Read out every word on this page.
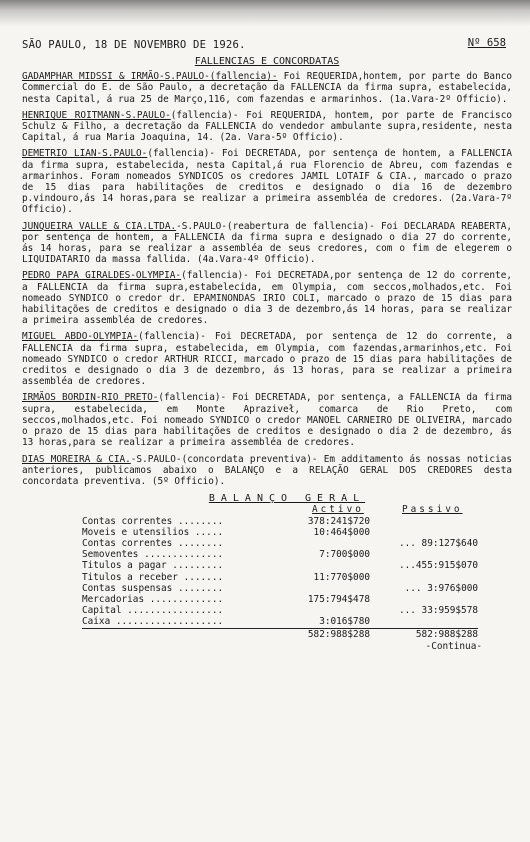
SÃO PAULO, 18 DE NOVEMBRO DE 1926.	Nº 658
FALLENCIAS E CONCORDATAS
GADAMPHAR MIDSSI & IRMÃO-S.PAULO-(fallencia)- Foi REQUERIDA,hontem, por parte do Banco Commercial do E. de São Paulo, a decretação da FALLENCIA da firma supra, estabelecida, nesta Capital, á rua 25 de Março,116, com fazendas e armarinhos. (1a.Vara-2º Officio).
HENRIQUE ROITMANN-S.PAULO-(fallencia)- Foi REQUERIDA, hontem, por parte de Francisco Schulz & Filho, a decretação da FALLENCIA do vendedor ambulante supra,residente, nesta Capital, á rua Maria Joaquina, 14. (2a. Vara-5º Officio).
DEMETRIO LIAN-S.PAULO-(fallencia)- Foi DECRETADA, por sentença de hontem, a FALLENCIA da firma supra, estabelecida, nesta Capital,á rua Florencio de Abreu, com fazendas e armarinhos. Foram nomeados SYNDICOS os credores JAMIL LOTAIF & CIA., marcado o prazo de 15 dias para habilitações de creditos e designado o dia 16 de dezembro p.vindouro,ás 14 horas,para se realizar a primeira assembléa de credores. (2a.Vara-7º Officio).
JUNQUEIRA VALLE & CIA.LTDA.-S.PAULO-(reabertura de fallencia)- Foi DECLARADA REABERTA, por sentença de hontem, a FALLENCIA da firma supra e designado o dia 27 do corrente, ás 14 horas, para se realizar a assembléa de seus credores, com o fim de elegerem o LIQUIDATARIO da massa fallida. (4a.Vara-4º Officio).
PEDRO PAPA GIRALDES-OLYMPIA-(fallencia)- Foi DECRETADA,por sentença de 12 do corrente, a FALLENCIA da firma supra,estabelecida, em Olympia, com seccos,molhados,etc. Foi nomeado SYNDICO o credor dr. EPAMINONDAS IRIO COLI, marcado o prazo de 15 dias para habilitações de creditos e designado o dia 3 de dezembro,ás 14 horas, para se realizar a primeira assembléa de credores.
MIGUEL ABDO-OLYMPIA-(fallencia)- Foi DECRETADA, por sentença de 12 do corrente, a FALLENCIA da firma supra, estabelecida, em Olympia, com fazendas,armarinhos,etc. Foi nomeado SYNDICO o credor ARTHUR RICCI, marcado o prazo de 15 dias para habilitações de creditos e designado o dia 3 de dezembro, ás 13 horas, para se realizar a primeira assembléa de credores.
IRMÃOS BORDIN-RIO PRETO-(fallencia)- Foi DECRETADA, por sentença, a FALLENCIA da firma supra, estabelecida, em Monte Apraziveł, comarca de Rio Preto, com seccos,molhados,etc. Foi nomeado SYNDICO o credor MANOEL CARNEIRO DE OLIVEIRA, marcado o prazo de 15 dias para habilitações de creditos e designado o dia 2 de dezembro, ás 13 horas,para se realizar a primeira assembléa de credores.
DIAS MOREIRA & CIA.-S.PAULO-(concordata preventiva)- Em additamento ás nossas noticias anteriores, publicamos abaixo o BALANÇO e a RELAÇÃO GERAL DOS CREDORES desta concordata preventiva. (5º Officio).
BALANÇO GERAL
Activo	Passivo
Contas correntes ........	378:241$720	
Moveis e utensilios .....	10:464$000	
Contas correntes ........		... 89:127$640
Semoventes ..............	7:700$000	
Titulos a pagar .........		...455:915$070
Titulos a receber .......	11:770$000	
Contas suspensas ........		... 3:976$000
Mercadorias .............	175:794$478	
Capital .................		... 33:959$578
Caixa ...................	3:016$780	
	582:988$288	582:988$288
-Continua-
